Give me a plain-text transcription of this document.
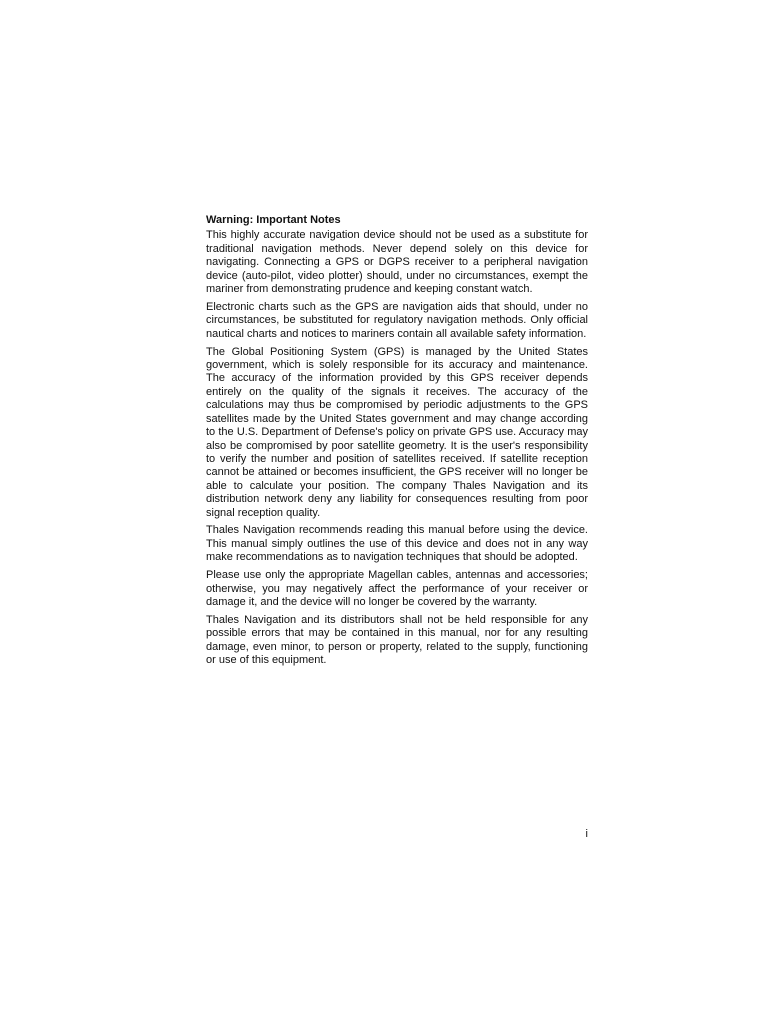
Warning: Important Notes

This highly accurate navigation device should not be used as a substitute for traditional navigation methods. Never depend solely on this device for navigating. Connecting a GPS or DGPS receiver to a peripheral navigation device (auto-pilot, video plotter) should, under no circumstances, exempt the mariner from demonstrating prudence and keeping constant watch.

Electronic charts such as the GPS are navigation aids that should, under no circumstances, be substituted for regulatory navigation methods. Only official nautical charts and notices to mariners contain all available safety information.

The Global Positioning System (GPS) is managed by the United States government, which is solely responsible for its accuracy and maintenance. The accuracy of the information provided by this GPS receiver depends entirely on the quality of the signals it receives. The accuracy of the calculations may thus be compromised by periodic adjustments to the GPS satellites made by the United States government and may change according to the U.S. Department of Defense's policy on private GPS use. Accuracy may also be compromised by poor satellite geometry. It is the user's responsibility to verify the number and position of satellites received. If satellite reception cannot be attained or becomes insufficient, the GPS receiver will no longer be able to calculate your position. The company Thales Navigation and its distribution network deny any liability for consequences resulting from poor signal reception quality.

Thales Navigation recommends reading this manual before using the device. This manual simply outlines the use of this device and does not in any way make recommendations as to navigation techniques that should be adopted.

Please use only the appropriate Magellan cables, antennas and accessories; otherwise, you may negatively affect the performance of your receiver or damage it, and the device will no longer be covered by the warranty.

Thales Navigation and its distributors shall not be held responsible for any possible errors that may be contained in this manual, nor for any resulting damage, even minor, to person or property, related to the supply, functioning or use of this equipment.

i
